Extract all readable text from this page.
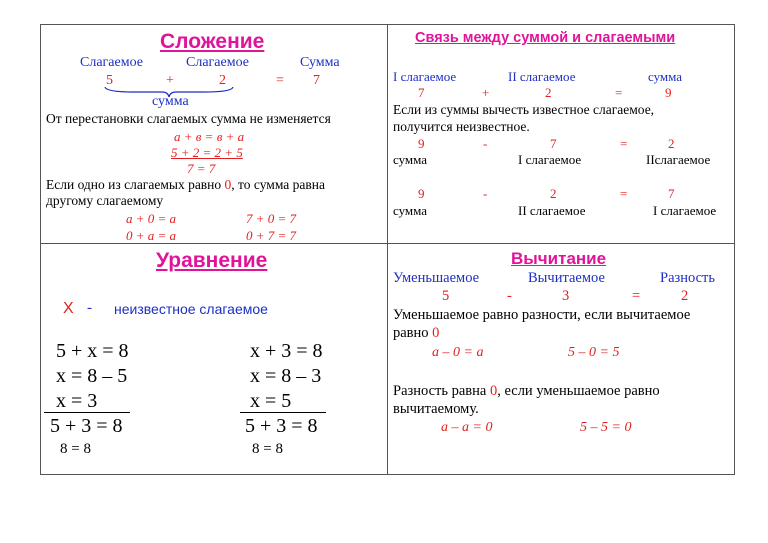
Сложение
Слагаемое	Слагаемое	Сумма
5	+	2	= 7
сумма
От перестановки слагаемых сумма не изменяется
а + в = в + а
5 + 2 = 2 + 5
7 = 7
Если одно из слагаемых равно 0, то сумма равна
другому слагаемому
а + 0 = а	7 + 0 = 7
0 + а = а	0 + 7 = 7
Связь между суммой и слагаемыми
I слагаемое	II слагаемое	сумма
7	+	2	=	9
Если из суммы вычесть известное слагаемое,
получится неизвестное.
9	-	7	=	2
сумма	I слагаемое	IIслагаемое
9	-	2	=	7
сумма	II слагаемое	I слагаемое
Уравнение
Х - неизвестное слагаемое
5 + х = 8
х = 8 – 5
х = 3
5 + 3 = 8
8 = 8
х + 3 = 8
х = 8 – 3
х = 5
5 + 3 = 8
8 = 8
Вычитание
Уменьшаемое	Вычитаемое	Разность
5	-	3	=	2
Уменьшаемое равно разности, если вычитаемое
равно 0
а – 0 = а	5 – 0 = 5
Разность равна 0, если уменьшаемое равно
вычитаемому.
а – а = 0	5 – 5 = 0
